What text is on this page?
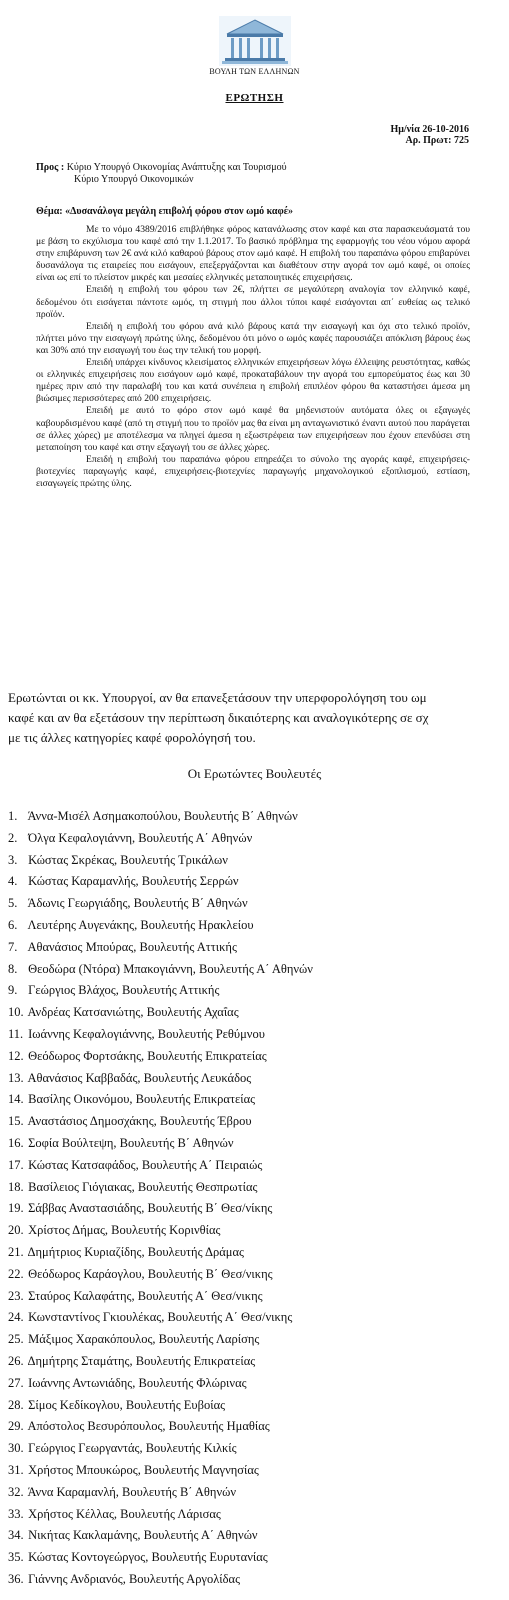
ΒΟΥΛΗ ΤΩΝ ΕΛΛΗΝΩΝ
ΕΡΩΤΗΣΗ
Ημ/νία 26-10-2016
Αρ. Πρωτ: 725
Προς : Κύριο Υπουργό Οικονομίας Ανάπτυξης και Τουρισμού
Κύριο Υπουργό Οικονομικών
Θέμα: «Δυσανάλογα μεγάλη επιβολή φόρου στον ωμό καφέ»

Με το νόμο 4389/2016 επιβλήθηκε φόρος κατανάλωσης στον καφέ και στα παρασκευάσματά του με βάση το εκχύλισμα του καφέ από την 1.1.2017. Το βασικό πρόβλημα της εφαρμογής του νέου νόμου αφορά στην επιβάρυνση των 2€ ανά κιλό καθαρού βάρους στον ωμό καφέ. Η επιβολή του παραπάνω φόρου επιβαρύνει δυσανάλογα τις εταιρείες που εισάγουν, επεξεργάζονται και διαθέτουν στην αγορά τον ωμό καφέ, οι οποίες είναι ως επί το πλείστον μικρές και μεσαίες ελληνικές μεταποιητικές επιχειρήσεις.

Επειδή η επιβολή του φόρου των 2€, πλήττει σε μεγαλύτερη αναλογία τον ελληνικό καφέ, δεδομένου ότι εισάγεται πάντοτε ωμός, τη στιγμή που άλλοι τύποι καφέ εισάγονται απ΄ ευθείας ως τελικό προϊόν.

Επειδή η επιβολή του φόρου ανά κιλό βάρους κατά την εισαγωγή και όχι στο τελικό προϊόν, πλήττει μόνο την εισαγωγή πρώτης ύλης, δεδομένου ότι μόνο ο ωμός καφές παρουσιάζει απόκλιση βάρους έως και 30% από την εισαγωγή του έως την τελική του μορφή.

Επειδή υπάρχει κίνδυνος κλεισίματος ελληνικών επιχειρήσεων λόγω έλλειψης ρευστότητας, καθώς οι ελληνικές επιχειρήσεις που εισάγουν ωμό καφέ, προκαταβάλουν την αγορά του εμπορεύματος έως και 30 ημέρες πριν από την παραλαβή του και κατά συνέπεια η επιβολή επιπλέον φόρου θα καταστήσει άμεσα μη βιώσιμες περισσότερες από 200 επιχειρήσεις.

Επειδή με αυτό το φόρο στον ωμό καφέ θα μηδενιστούν αυτόματα όλες οι εξαγωγές καβουρδισμένου καφέ (από τη στιγμή που το προϊόν μας θα είναι μη ανταγωνιστικό έναντι αυτού που παράγεται σε άλλες χώρες) με αποτέλεσμα να πληγεί άμεσα η εξωστρέφεια των επιχειρήσεων που έχουν επενδύσει στη μεταποίηση του καφέ και στην εξαγωγή του σε άλλες χώρες.

Επειδή η επιβολή του παραπάνω φόρου επηρεάζει το σύνολο της αγοράς καφέ, επιχειρήσεις-βιοτεχνίες παραγωγής καφέ, επιχειρήσεις-βιοτεχνίες παραγωγής μηχανολογικού εξοπλισμού, εστίαση, εισαγωγείς πρώτης ύλης.

Ερωτώνται οι κκ. Υπουργοί, αν θα επανεξετάσουν την υπερφορολόγηση του ωμ
καφέ και αν θα εξετάσουν την περίπτωση δικαιότερης και αναλογικότερης σε σχ
με τις άλλες κατηγορίες καφέ φορολόγησή του.
Οι Ερωτώντες Βουλευτές
1. Άννα-Μισέλ Ασημακοπούλου, Βουλευτής Β΄ Αθηνών
2. Όλγα Κεφαλογιάννη, Βουλευτής Α΄ Αθηνών
3. Κώστας Σκρέκας, Βουλευτής Τρικάλων
4. Κώστας Καραμανλής, Βουλευτής Σερρών
5. Άδωνις Γεωργιάδης, Βουλευτής Β΄ Αθηνών
6. Λευτέρης Αυγενάκης, Βουλευτής Ηρακλείου
7. Αθανάσιος Μπούρας, Βουλευτής Αττικής
8. Θεοδώρα (Ντόρα) Μπακογιάννη, Βουλευτής Α΄ Αθηνών
9. Γεώργιος Βλάχος, Βουλευτής Αττικής
10. Ανδρέας Κατσανιώτης, Βουλευτής Αχαΐας
11. Ιωάννης Κεφαλογιάννης, Βουλευτής Ρεθύμνου
12. Θεόδωρος Φορτσάκης, Βουλευτής Επικρατείας
13. Αθανάσιος Καββαδάς, Βουλευτής Λευκάδος
14. Βασίλης Οικονόμου, Βουλευτής Επικρατείας
15. Αναστάσιος Δημοσχάκης, Βουλευτής Έβρου
16. Σοφία Βούλτεψη, Βουλευτής Β΄ Αθηνών
17. Κώστας Κατσαφάδος, Βουλευτής Α΄ Πειραιώς
18. Βασίλειος Γιόγιακας, Βουλευτής Θεσπρωτίας
19. Σάββας Αναστασιάδης, Βουλευτής Β΄ Θεσ/νίκης
20. Χρίστος Δήμας, Βουλευτής Κορινθίας
21. Δημήτριος Κυριαζίδης, Βουλευτής Δράμας
22. Θεόδωρος Καράογλου, Βουλευτής Β΄ Θεσ/νικης
23. Σταύρος Καλαφάτης, Βουλευτής Α΄ Θεσ/νικης
24. Κωνσταντίνος Γκιουλέκας, Βουλευτής Α΄ Θεσ/νικης
25. Μάξιμος Χαρακόπουλος, Βουλευτής Λαρίσης
26. Δημήτρης Σταμάτης, Βουλευτής Επικρατείας
27. Ιωάννης Αντωνιάδης, Βουλευτής Φλώρινας
28. Σίμος Κεδίκογλου, Βουλευτής Ευβοίας
29. Απόστολος Βεσυρόπουλος, Βουλευτής Ημαθίας
30. Γεώργιος Γεωργαντάς, Βουλευτής Κιλκίς
31. Χρήστος Μπουκώρος, Βουλευτής Μαγνησίας
32. Άννα Καραμανλή, Βουλευτής Β΄ Αθηνών
33. Χρήστος Κέλλας, Βουλευτής Λάρισας
34. Νικήτας Κακλαμάνης, Βουλευτής Α΄ Αθηνών
35. Κώστας Κοντογεώργος, Βουλευτής Ευρυτανίας
36. Γιάννης Ανδριανός, Βουλευτής Αργολίδας
